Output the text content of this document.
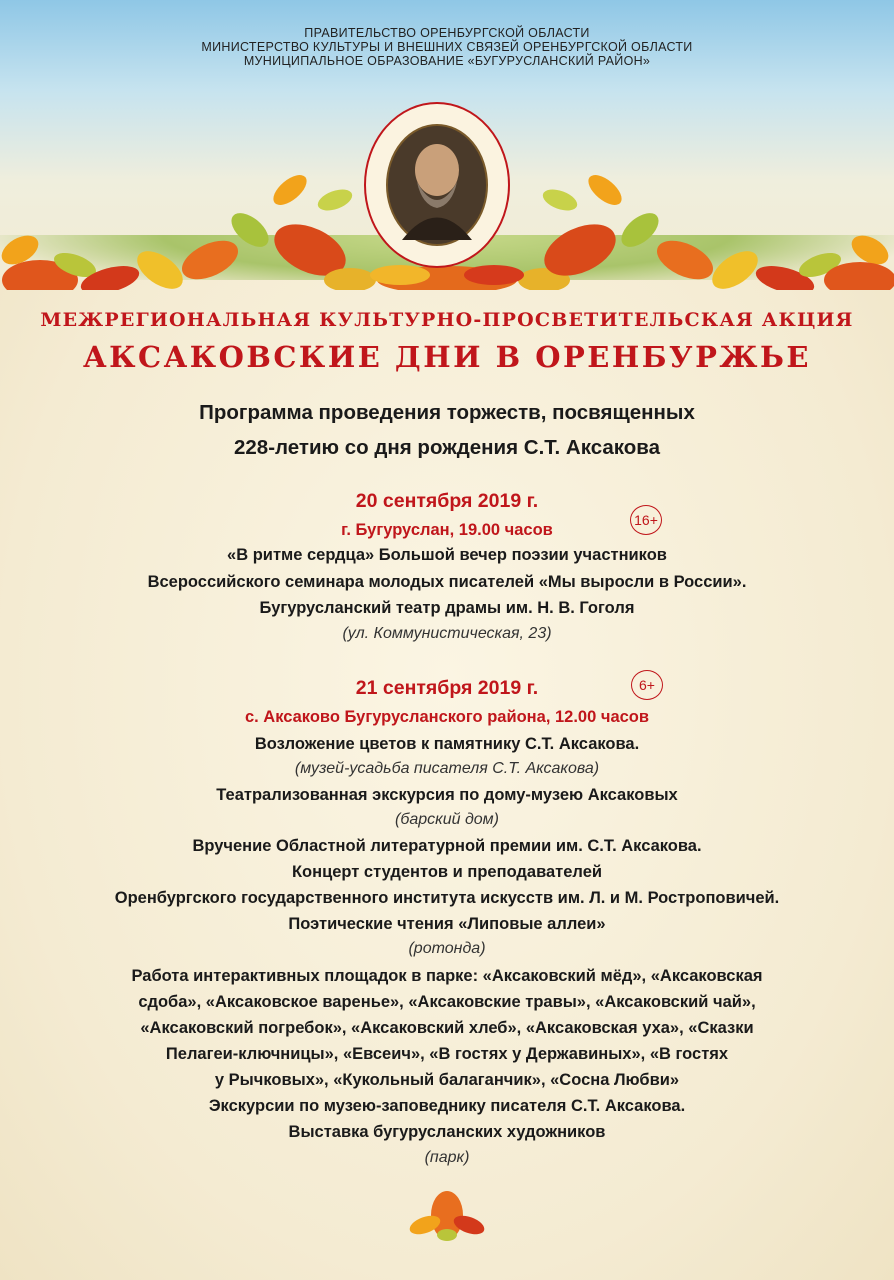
ПРАВИТЕЛЬСТВО ОРЕНБУРГСКОЙ ОБЛАСТИ
МИНИСТЕРСТВО КУЛЬТУРЫ И ВНЕШНИХ СВЯЗЕЙ ОРЕНБУРГСКОЙ ОБЛАСТИ
МУНИЦИПАЛЬНОЕ ОБРАЗОВАНИЕ «БУГУРУСЛАНСКИЙ РАЙОН»
МЕЖРЕГИОНАЛЬНАЯ КУЛЬТУРНО-ПРОСВЕТИТЕЛЬСКАЯ АКЦИЯ
АКСАКОВСКИЕ ДНИ В ОРЕНБУРЖЬЕ
Программа проведения торжеств, посвященных
228-летию со дня рождения С.Т. Аксакова
20 сентября 2019 г.
г. Бугуруслан, 19.00 часов
16+
«В ритме сердца» Большой вечер поэзии участников
Всероссийского семинара молодых писателей «Мы выросли в России».
Бугурусланский театр драмы им. Н. В. Гоголя
(ул. Коммунистическая, 23)
21 сентября 2019 г.	6+
с. Аксаково Бугурусланского района, 12.00 часов
Возложение цветов к памятнику С.Т. Аксакова.
(музей-усадьба писателя С.Т. Аксакова)
Театрализованная экскурсия по дому-музею Аксаковых
(барский дом)
Вручение Областной литературной премии им. С.Т. Аксакова.
Концерт студентов и преподавателей
Оренбургского государственного института искусств им. Л. и М. Ростроповичей.
Поэтические чтения «Липовые аллеи»
(ротонда)
Работа интерактивных площадок в парке: «Аксаковский мёд», «Аксаковская
сдоба», «Аксаковское варенье», «Аксаковские травы», «Аксаковский чай»,
«Аксаковский погребок», «Аксаковский хлеб», «Аксаковская уха», «Сказки
Пелагеи-ключницы», «Евсеич», «В гостях у Державиных», «В гостях
у Рычковых», «Кукольный балаганчик», «Сосна Любви»
Экскурсии по музею-заповеднику писателя С.Т. Аксакова.
Выставка бугурусланских художников
(парк)
